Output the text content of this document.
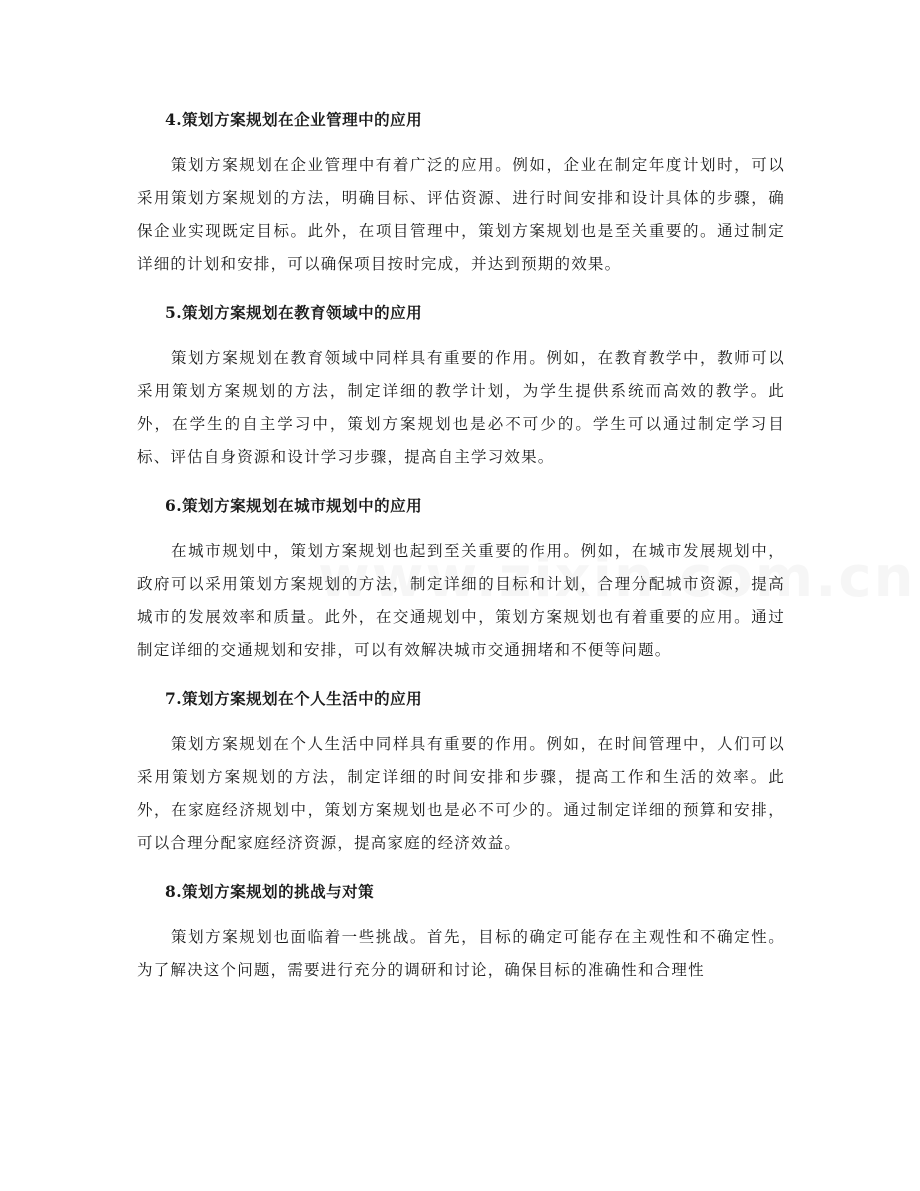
4.策划方案规划在企业管理中的应用

策划方案规划在企业管理中有着广泛的应用。例如，企业在制定年度计划时，可以采用策划方案规划的方法，明确目标、评估资源、进行时间安排和设计具体的步骤，确保企业实现既定目标。此外，在项目管理中，策划方案规划也是至关重要的。通过制定详细的计划和安排，可以确保项目按时完成，并达到预期的效果。

5.策划方案规划在教育领域中的应用

策划方案规划在教育领域中同样具有重要的作用。例如，在教育教学中，教师可以采用策划方案规划的方法，制定详细的教学计划，为学生提供系统而高效的教学。此外，在学生的自主学习中，策划方案规划也是必不可少的。学生可以通过制定学习目标、评估自身资源和设计学习步骤，提高自主学习效果。

6.策划方案规划在城市规划中的应用

在城市规划中，策划方案规划也起到至关重要的作用。例如，在城市发展规划中，政府可以采用策划方案规划的方法，制定详细的目标和计划，合理分配城市资源，提高城市的发展效率和质量。此外，在交通规划中，策划方案规划也有着重要的应用。通过制定详细的交通规划和安排，可以有效解决城市交通拥堵和不便等问题。

7.策划方案规划在个人生活中的应用

策划方案规划在个人生活中同样具有重要的作用。例如，在时间管理中，人们可以采用策划方案规划的方法，制定详细的时间安排和步骤，提高工作和生活的效率。此外，在家庭经济规划中，策划方案规划也是必不可少的。通过制定详细的预算和安排，可以合理分配家庭经济资源，提高家庭的经济效益。

8.策划方案规划的挑战与对策

策划方案规划也面临着一些挑战。首先，目标的确定可能存在主观性和不确定性。为了解决这个问题，需要进行充分的调研和讨论，确保目标的准确性和合理性
